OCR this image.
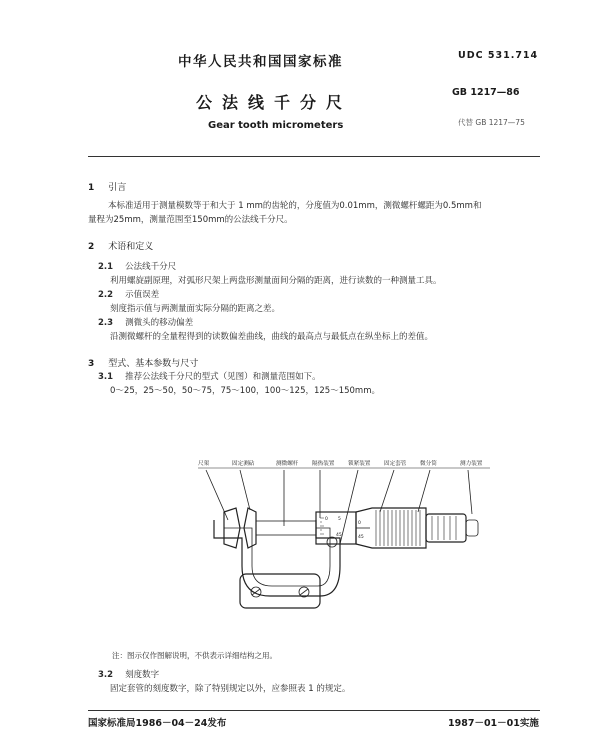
中华人民共和国国家标准	UDC 531.714
GB 1217—86
公法线千分尺
Gear tooth micrometers	代替 GB 1217—75
1 引言
本标准适用于测量模数等于和大于 1 mm的齿轮的，分度值为0.01mm，测微螺杆螺距为0.5mm和
量程为25mm，测量范围至150mm的公法线千分尺。
2 术语和定义
2.1 公法线千分尺
利用螺旋副原理，对弧形尺架上两盘形测量面间分隔的距离，进行读数的一种测量工具。
2.2 示值误差
刻度指示值与两测量面实际分隔的距离之差。
2.3 测微头的移动偏差
沿测微螺杆的全量程得到的读数偏差曲线，曲线的最高点与最低点在纵坐标上的差值。
3 型式、基本参数与尺寸
3.1 推荐公法线千分尺的型式（见图）和测量范围如下。
0～25，25～50，50～75，75～100，100～125，125～150mm。
尺架	固定测砧	测微螺杆 隔热装置 锁紧装置 固定套管 微分筒	测力装置
0 5
45
0
45
注：图示仅作图解说明，不供表示详细结构之用。
3.2 刻度数字
固定套管的刻度数字，除了特别规定以外，应参照表 1 的规定。
国家标准局1986－04－24发布	1987－01－01实施
